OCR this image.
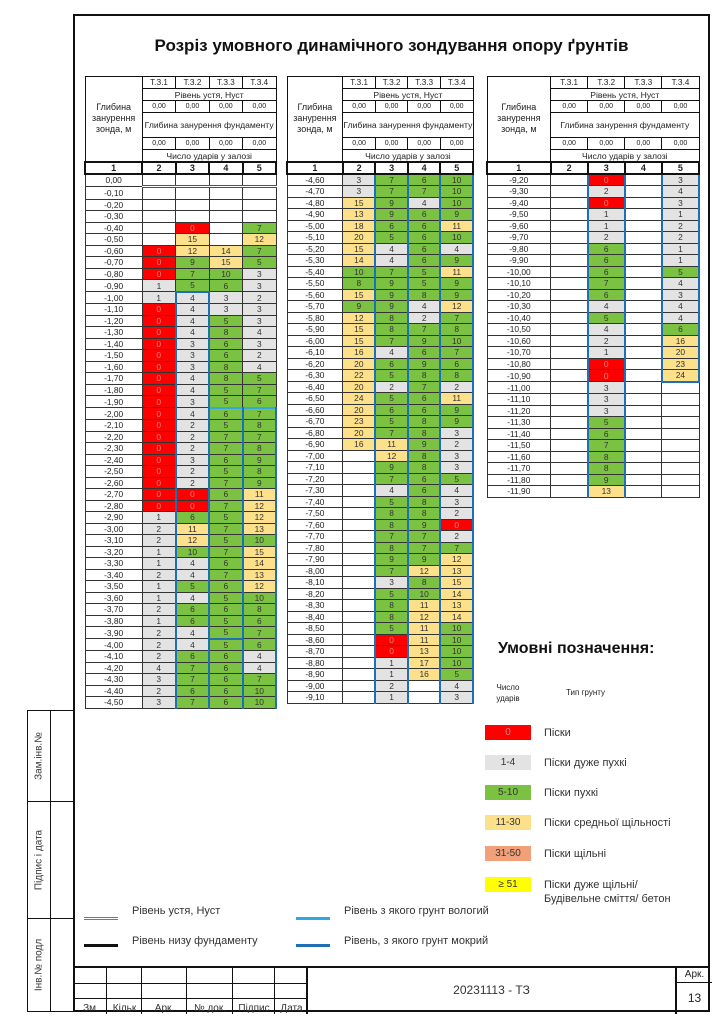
Розріз умовного динамічного зондування опору ґрунтів
Глибина занурення зонда, м	Т.З.1	Т.З.2	Т.З.3	Т.З.4
	Рівень устя, Нуст			
	0,00	0,00	0,00	0,00
	Глибина занурення фундаменту			
	0,00	0,00	0,00	0,00
	Число ударів у залозі			

1	2	3	4	5
0,00				
-0,10				
-0,20				
-0,30				
-0,40		0		7
-0,50		15		12
-0,60	0	12	14	7
-0,70	0	9	15	5
-0,80	0	7	10	3
-0,90	1	5	6	3
-1,00	1	4	3	2
-1,10	0	4	3	3
-1,20	0	4	5	3
-1,30	0	4	8	4
-1,40	0	3	6	3
-1,50	0	3	6	2
-1,60	0	3	8	4
-1,70	0	4	8	5
-1,80	0	4	5	7
-1,90	0	3	5	6
-2,00	0	4	6	7
-2,10	0	2	5	8
-2,20	0	2	7	7
-2,30	0	2	7	8
-2,40	0	3	6	9
-2,50	0	2	5	8
-2,60	0	2	7	9
-2,70	0	0	6	11
-2,80	0	0	7	12
-2,90	1	6	5	12
-3,00	2	11	7	13
-3,10	2	12	5	10
-3,20	1	10	7	15
-3,30	1	4	6	14
-3,40	2	4	7	13
-3,50	1	5	6	12
-3,60	1	4	5	10
-3,70	2	6	6	8
-3,80	1	6	5	6
-3,90	2	4	5	7
-4,00	2	4	5	6
-4,10	2	6	6	4
-4,20	4	7	6	4
-4,30	3	7	6	7
-4,40	2	6	6	10
-4,50	3	7	6	10
Глибина занурення зонда, м	Т.З.1	Т.З.2	Т.З.3	Т.З.4
	Рівень устя, Нуст			
	0,00	0,00	0,00	0,00
	Глибина занурення фундаменту			
	0,00	0,00	0,00	0,00
	Число ударів у залозі			

1	2	3	4	5
-4,60	3	7	6	10
-4,70	3	7	7	10
-4,80	15	9	4	10
-4,90	13	9	6	9
-5,00	18	6	6	11
-5,10	20	5	6	10
-5,20	15	4	6	4
-5,30	14	4	6	9
-5,40	10	7	5	11
-5,50	8	9	5	9
-5,60	15	9	8	9
-5,70	9	9	4	12
-5,80	12	8	2	7
-5,90	15	8	7	8
-6,00	15	7	9	10
-6,10	16	4	6	7
-6,20	20	6	9	6
-6,30	22	5	8	8
-6,40	20	2	7	2
-6,50	24	5	6	11
-6,60	20	6	6	9
-6,70	23	5	8	9
-6,80	20	7	8	3
-6,90	16	11	9	2
-7,00		12	8	3
-7,10		9	8	3
-7,20		7	6	5
-7,30		4	6	4
-7,40		5	8	3
-7,50		8	8	2
-7,60		8	9	0
-7,70		7	7	2
-7,80		8	7	7
-7,90		9	9	12
-8,00		7	12	13
-8,10		3	8	15
-8,20		5	10	14
-8,30		8	11	13
-8,40		8	12	14
-8,50		5	11	10
-8,60		0	11	10
-8,70		0	13	10
-8,80		1	17	10
-8,90		1	16	5
-9,00		2		4
-9,10		1		3
Глибина занурення зонда, м	Т.З.1	Т.З.2	Т.З.3	Т.З.4
	Рівень устя, Нуст			
	0,00	0,00	0,00	0,00
	Глибина занурення фундаменту			
	0,00	0,00	0,00	0,00
	Число ударів у залозі			

1	2	3	4	5
-9,20		0		3
-9,30		2		4
-9,40		0		3
-9,50		1		1
-9,60		1		2
-9,70		2		2
-9,80		6		1
-9,90		6		1
-10,00		6		5
-10,10		7		4
-10,20		6		3
-10,30		4		4
-10,40		5		4
-10,50		4		6
-10,60		2		16
-10,70		1		20
-10,80		0		23
-10,90		0		24
-11,00		3		
-11,10		3		
-11,20		3		
-11,30		5		
-11,40		6		
-11,50		7		
-11,60		8		
-11,70		8		
-11,80		9		
-11,90		13		
Умовні позначення:
Число ударів
Тип грунту
0	Піски
1-4	Піски дуже пухкі
5-10	Піски пухкі
11-30	Піски средньої щільності
31-50	Піски щільні
≥ 51	Піски дуже щільні/
Будівельне сміття/ бетон
Рівень устя, Нуст
Рівень низу фундаменту
Рівень з якого грунт вологий
Рівень, з якого грунт мокрий
Зам.інв.№
Підпис і дата
Інв.№ подл
Зм.	Кільк	Арк.	№ док.	Підпис	Дата
20231113 - ТЗ
Арк.
13
